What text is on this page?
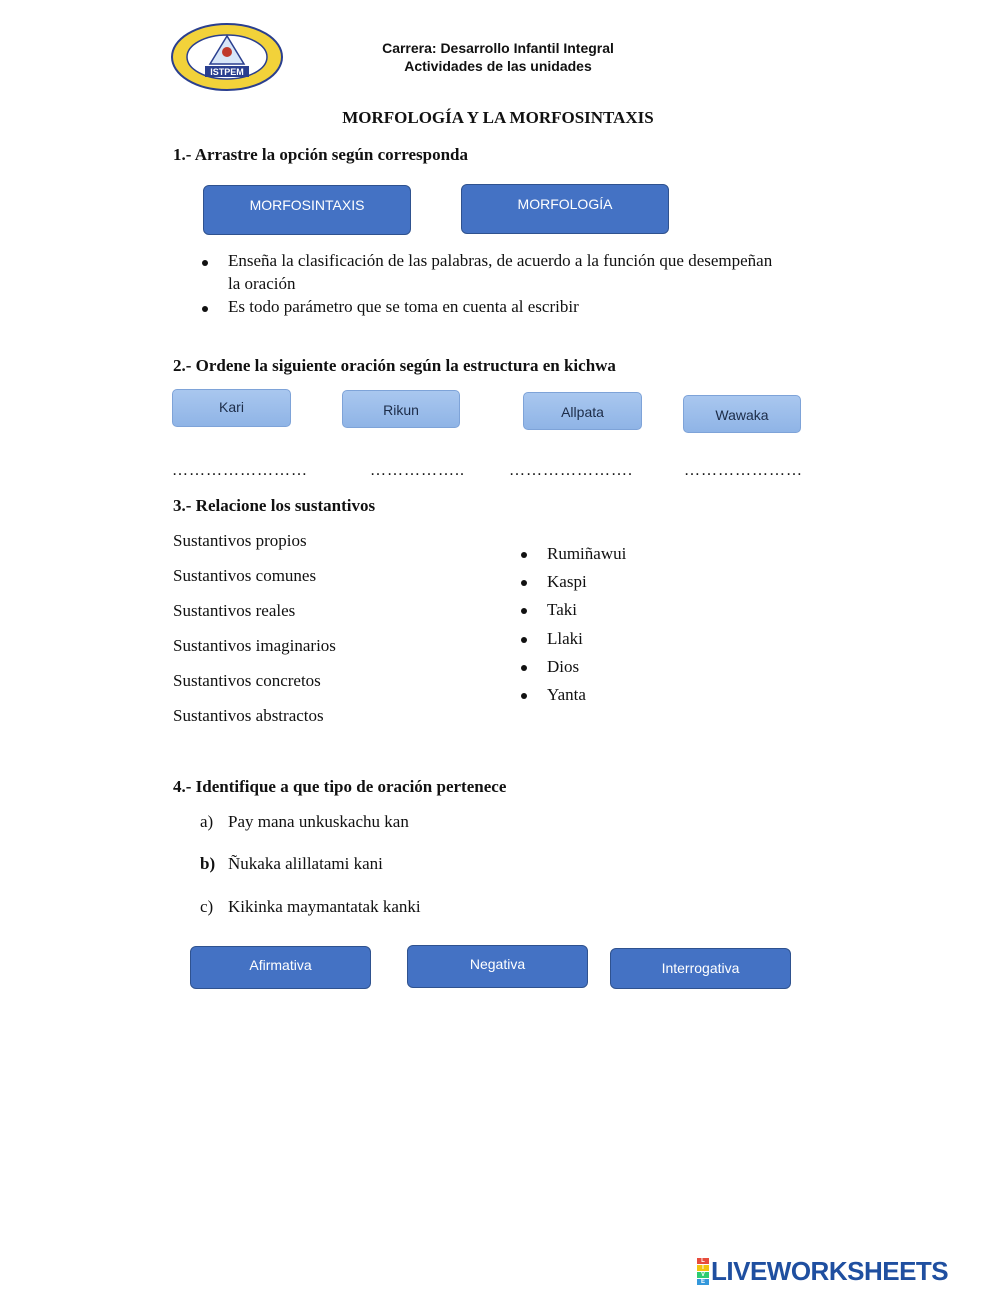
ISTPEM
Carrera: Desarrollo Infantil Integral
Actividades de las unidades
MORFOLOGÍA Y LA MORFOSINTAXIS
1.- Arrastre la opción según corresponda
MORFOSINTAXIS	MORFOLOGÍA
Enseña la clasificación de las palabras, de acuerdo a la función que desempeñan
la oración
Es todo parámetro que se toma en cuenta al escribir
2.- Ordene la siguiente oración según la estructura en kichwa
Kari	Rikun	Allpata	Wawaka
……………………	……………..	………………….	…………………
3.- Relacione los sustantivos
Sustantivos propios
Sustantivos comunes
Sustantivos reales
Sustantivos imaginarios
Sustantivos concretos
Sustantivos abstractos
Rumiñawui
Kaspi
Taki
Llaki
Dios
Yanta
4.- Identifique a que tipo de oración pertenece
a) Pay mana unkuskachu kan
b) Ñukaka alillatami kani
c) Kikinka maymantatak kanki
Afirmativa	Negativa	Interrogativa
L
I
V
E LIVEWORKSHEETS
